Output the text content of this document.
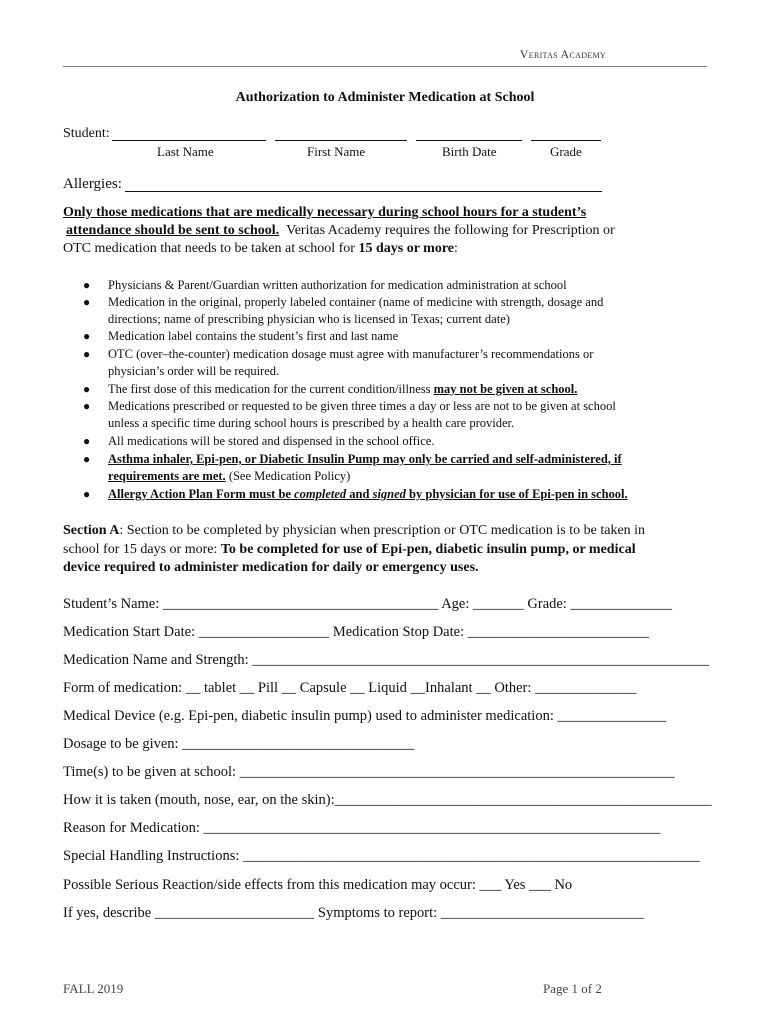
Veritas Academy
Authorization to Administer Medication at School
Student:
Last Name	First Name	Birth Date	Grade
Allergies:
Only those medications that are medically necessary during school hours for a student’s
attendance should be sent to school. Veritas Academy requires the following for Prescription or
OTC medication that needs to be taken at school for 15 days or more:
● Physicians & Parent/Guardian written authorization for medication administration at school
● Medication in the original, properly labeled container (name of medicine with strength, dosage and
directions; name of prescribing physician who is licensed in Texas; current date)
● Medication label contains the student’s first and last name
● OTC (over–the-counter) medication dosage must agree with manufacturer’s recommendations or
physician’s order will be required.
● The first dose of this medication for the current condition/illness may not be given at school.
● Medications prescribed or requested to be given three times a day or less are not to be given at school
unless a specific time during school hours is prescribed by a health care provider.
● All medications will be stored and dispensed in the school office.
● Asthma inhaler, Epi-pen, or Diabetic Insulin Pump may only be carried and self-administered, if
requirements are met. (See Medication Policy)
● Allergy Action Plan Form must be completed and signed by physician for use of Epi-pen in school.
Section A: Section to be completed by physician when prescription or OTC medication is to be taken in
school for 15 days or more: To be completed for use of Epi-pen, diabetic insulin pump, or medical
device required to administer medication for daily or emergency uses.
Student’s Name: ______________________________________ Age: _______ Grade: ______________
Medication Start Date: __________________ Medication Stop Date: _________________________
Medication Name and Strength: _______________________________________________________________
Form of medication: __ tablet __ Pill __ Capsule __ Liquid __Inhalant __ Other: ______________
Medical Device (e.g. Epi-pen, diabetic insulin pump) used to administer medication: _______________
Dosage to be given: ________________________________
Time(s) to be given at school: ____________________________________________________________
How it is taken (mouth, nose, ear, on the skin):____________________________________________________
Reason for Medication: _______________________________________________________________
Special Handling Instructions: _______________________________________________________________
Possible Serious Reaction/side effects from this medication may occur: ___ Yes ___ No
If yes, describe ______________________ Symptoms to report: ____________________________
FALL 2019	Page 1 of 2
